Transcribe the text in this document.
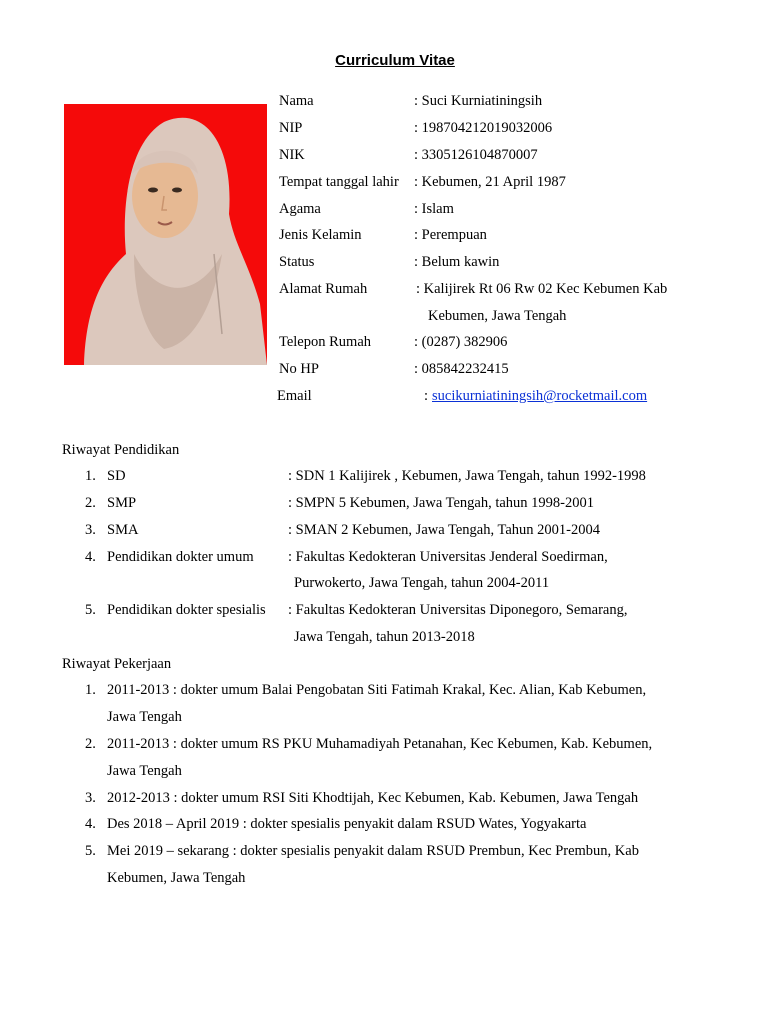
Curriculum Vitae
Nama	: Suci Kurniatiningsih
NIP	: 198704212019032006
NIK	: 3305126104870007
Tempat tanggal lahir : Kebumen, 21 April 1987
Agama	: Islam
Jenis Kelamin	: Perempuan
Status	: Belum kawin
Alamat Rumah	: Kalijirek Rt 06 Rw 02 Kec Kebumen Kab
Kebumen, Jawa Tengah
Telepon Rumah	: (0287) 382906
No HP	: 085842232415
Email	: sucikurniatiningsih@rocketmail.com
Riwayat Pendidikan
1. SD	: SDN 1 Kalijirek , Kebumen, Jawa Tengah, tahun 1992-1998
2. SMP	: SMPN 5 Kebumen, Jawa Tengah, tahun 1998-2001
3. SMA	: SMAN 2 Kebumen, Jawa Tengah, Tahun 2001-2004
4. Pendidikan dokter umum : Fakultas Kedokteran Universitas Jenderal Soedirman,
Purwokerto, Jawa Tengah, tahun 2004-2011
5. Pendidikan dokter spesialis : Fakultas Kedokteran Universitas Diponegoro, Semarang,
Jawa Tengah, tahun 2013-2018
Riwayat Pekerjaan
1. 2011-2013 : dokter umum Balai Pengobatan Siti Fatimah Krakal, Kec. Alian, Kab Kebumen,
Jawa Tengah
2. 2011-2013 : dokter umum RS PKU Muhamadiyah Petanahan, Kec Kebumen, Kab. Kebumen,
Jawa Tengah
3. 2012-2013 : dokter umum RSI Siti Khodtijah, Kec Kebumen, Kab. Kebumen, Jawa Tengah
4. Des 2018 – April 2019 : dokter spesialis penyakit dalam RSUD Wates, Yogyakarta
5. Mei 2019 – sekarang : dokter spesialis penyakit dalam RSUD Prembun, Kec Prembun, Kab
Kebumen, Jawa Tengah
